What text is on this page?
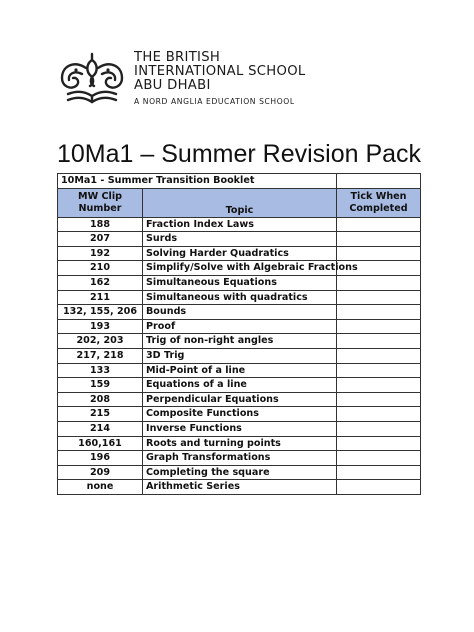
THE BRITISH
INTERNATIONAL SCHOOL
ABU DHABI
A NORD ANGLIA EDUCATION SCHOOL
10Ma1 – Summer Revision Pack
10Ma1 - Summer Transition Booklet		
MW Clip Number	Topic	Tick When Completed
188	Fraction Index Laws	
207	Surds	
192	Solving Harder Quadratics	
210	Simplify/Solve with Algebraic Fractions	
162	Simultaneous Equations	
211	Simultaneous with quadratics	
132, 155, 206	Bounds	
193	Proof	
202, 203	Trig of non-right angles	
217, 218	3D Trig	
133	Mid-Point of a line	
159	Equations of a line	
208	Perpendicular Equations	
215	Composite Functions	
214	Inverse Functions	
160,161	Roots and turning points	
196	Graph Transformations	
209	Completing the square	
none	Arithmetic Series	
